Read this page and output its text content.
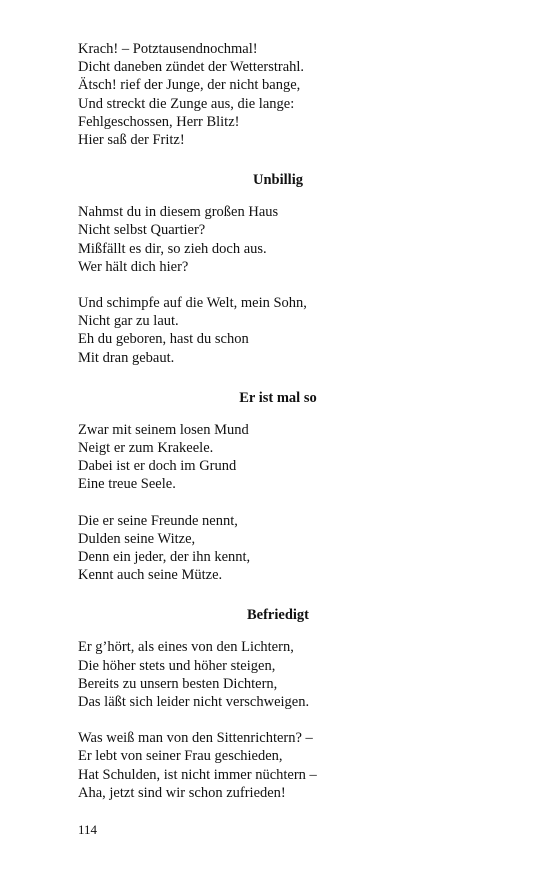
Krach! – Potztausendnochmal!
Dicht daneben zündet der Wetterstrahl.
Ätsch! rief der Junge, der nicht bange,
Und streckt die Zunge aus, die lange:
Fehlgeschossen, Herr Blitz!
Hier saß der Fritz!
Unbillig
Nahmst du in diesem großen Haus
Nicht selbst Quartier?
Mißfällt es dir, so zieh doch aus.
Wer hält dich hier?
Und schimpfe auf die Welt, mein Sohn,
Nicht gar zu laut.
Eh du geboren, hast du schon
Mit dran gebaut.
Er ist mal so
Zwar mit seinem losen Mund
Neigt er zum Krakeele.
Dabei ist er doch im Grund
Eine treue Seele.
Die er seine Freunde nennt,
Dulden seine Witze,
Denn ein jeder, der ihn kennt,
Kennt auch seine Mütze.
Befriedigt
Er g’hört, als eines von den Lichtern,
Die höher stets und höher steigen,
Bereits zu unsern besten Dichtern,
Das läßt sich leider nicht verschweigen.
Was weiß man von den Sittenrichtern? –
Er lebt von seiner Frau geschieden,
Hat Schulden, ist nicht immer nüchtern –
Aha, jetzt sind wir schon zufrieden!
114
